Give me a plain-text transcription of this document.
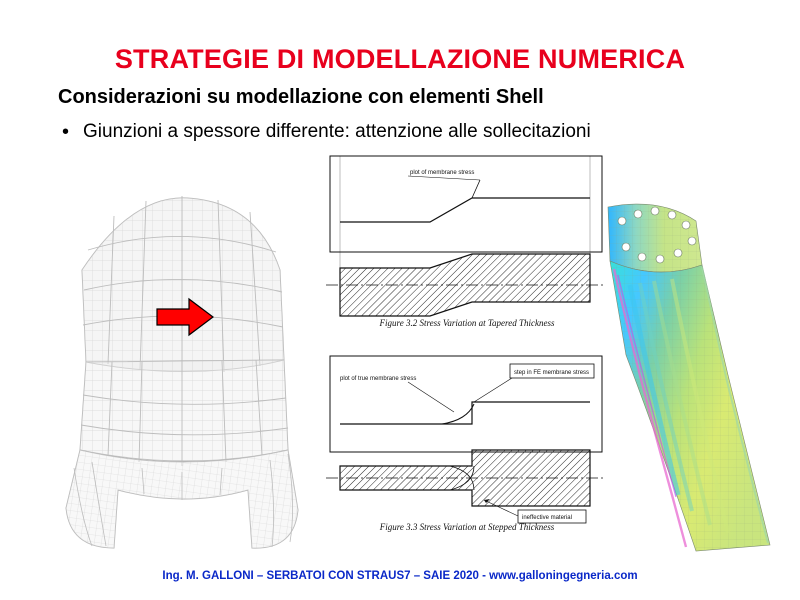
STRATEGIE DI MODELLAZIONE NUMERICA
Considerazioni su modellazione con elementi Shell
• Giunzioni a spessore differente: attenzione alle sollecitazioni
plot of membrane stress
Figure 3.2 Stress Variation at Tapered Thickness
plot of true membrane stress
step in FE membrane stress
ineffective material
Figure 3.3 Stress Variation at Stepped Thickness
Ing. M. GALLONI – SERBATOI CON STRAUS7 – SAIE 2020 - www.galloningegneria.com
